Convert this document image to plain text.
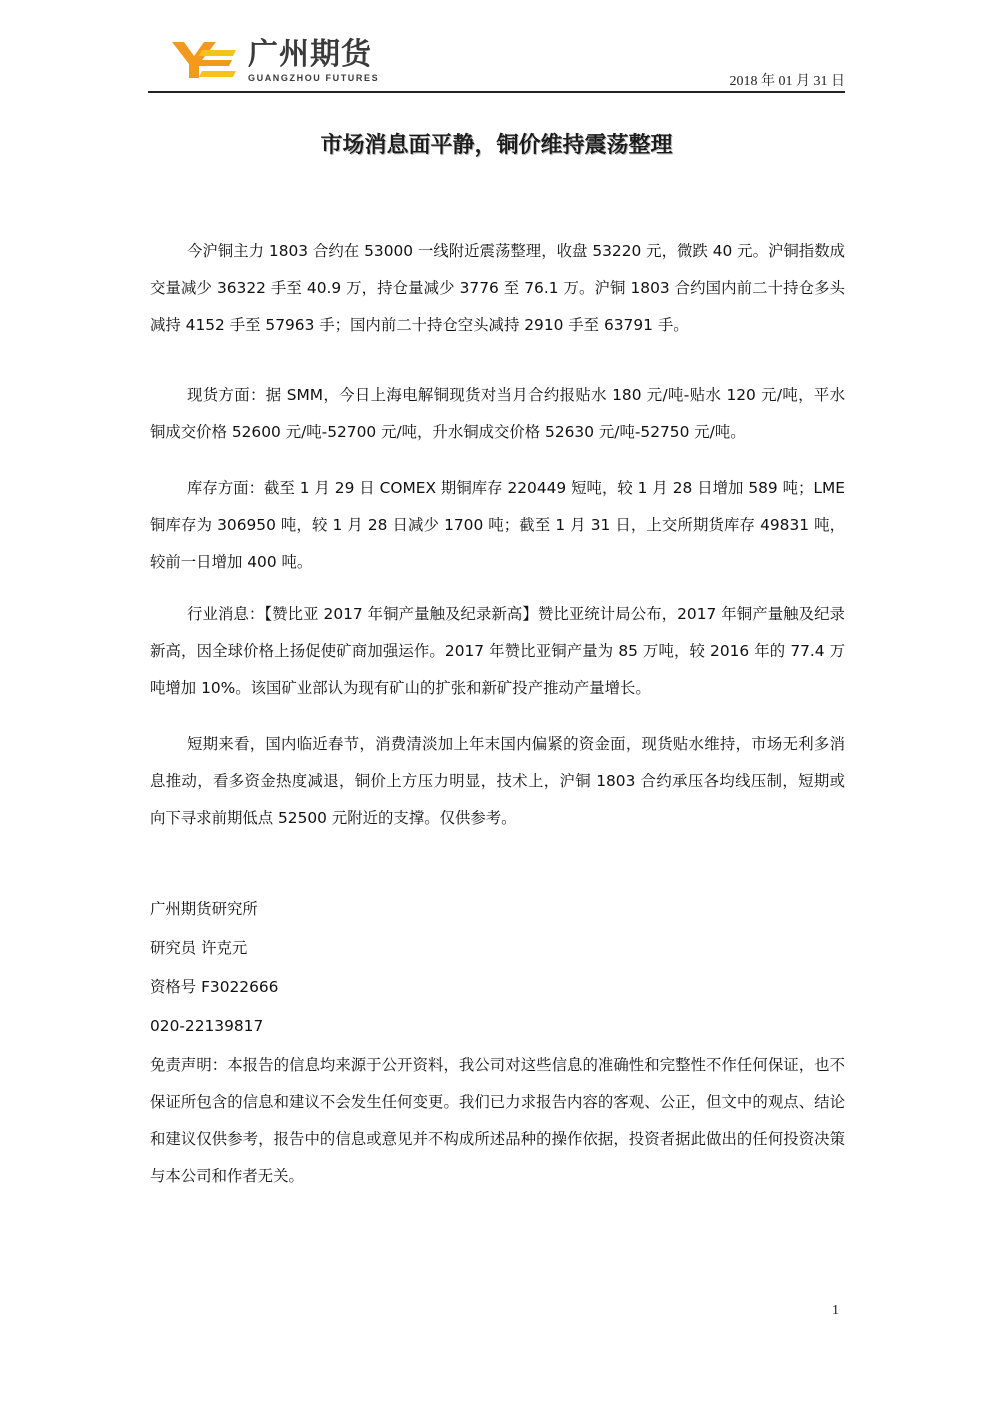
广州期货
GUANGZHOU FUTURES	2018 年 01 月 31 日
市场消息面平静，铜价维持震荡整理

今沪铜主力 1803 合约在 53000 一线附近震荡整理，收盘 53220 元，微跌 40 元。沪铜指数成交量减少 36322 手至 40.9 万，持仓量减少 3776 至 76.1 万。沪铜 1803 合约国内前二十持仓多头减持 4152 手至 57963 手；国内前二十持仓空头减持 2910 手至 63791 手。

现货方面：据 SMM，今日上海电解铜现货对当月合约报贴水 180 元/吨-贴水 120 元/吨，平水铜成交价格 52600 元/吨-52700 元/吨，升水铜成交价格 52630 元/吨-52750 元/吨。

库存方面：截至 1 月 29 日 COMEX 期铜库存 220449 短吨，较 1 月 28 日增加 589 吨；LME 铜库存为 306950 吨，较 1 月 28 日减少 1700 吨；截至 1 月 31 日，上交所期货库存 49831 吨，较前一日增加 400 吨。

行业消息：【赞比亚 2017 年铜产量触及纪录新高】赞比亚统计局公布，2017 年铜产量触及纪录新高，因全球价格上扬促使矿商加强运作。2017 年赞比亚铜产量为 85 万吨，较 2016 年的 77.4 万吨增加 10%。该国矿业部认为现有矿山的扩张和新矿投产推动产量增长。

短期来看，国内临近春节，消费清淡加上年末国内偏紧的资金面，现货贴水维持，市场无利多消息推动，看多资金热度减退，铜价上方压力明显，技术上，沪铜 1803 合约承压各均线压制，短期或向下寻求前期低点 52500 元附近的支撑。仅供参考。

广州期货研究所

研究员 许克元

资格号 F3022666

020-22139817

免责声明：本报告的信息均来源于公开资料，我公司对这些信息的准确性和完整性不作任何保证，也不保证所包含的信息和建议不会发生任何变更。我们已力求报告内容的客观、公正，但文中的观点、结论和建议仅供参考，报告中的信息或意见并不构成所述品种的操作依据，投资者据此做出的任何投资决策与本公司和作者无关。

1
